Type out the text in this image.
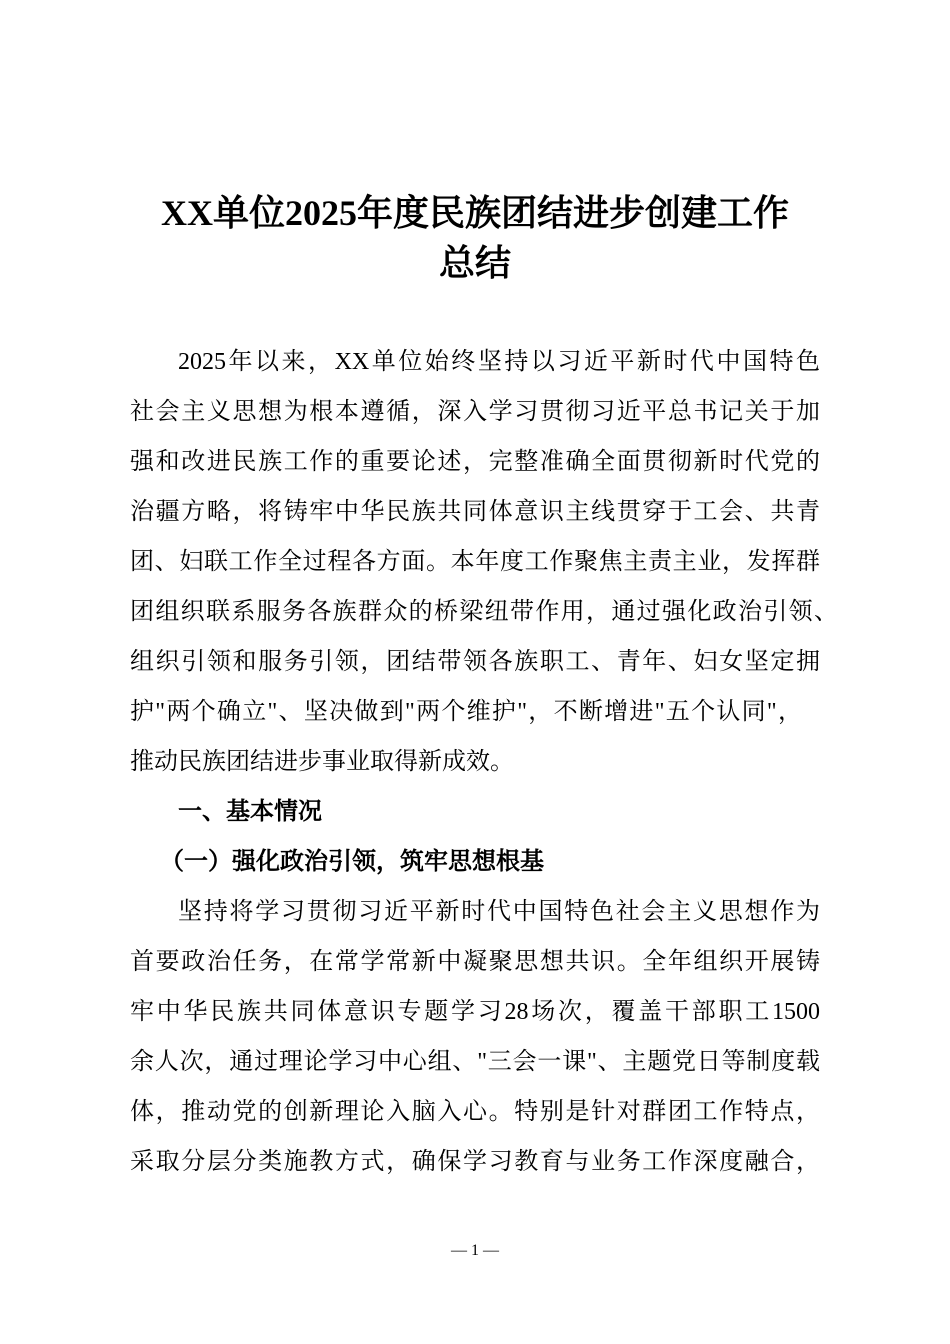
XX单位2025年度民族团结进步创建工作
总结
2025年以来，XX单位始终坚持以习近平新时代中国特色
社会主义思想为根本遵循，深入学习贯彻习近平总书记关于加
强和改进民族工作的重要论述，完整准确全面贯彻新时代党的
治疆方略，将铸牢中华民族共同体意识主线贯穿于工会、共青
团、妇联工作全过程各方面。本年度工作聚焦主责主业，发挥群
团组织联系服务各族群众的桥梁纽带作用，通过强化政治引领、
组织引领和服务引领，团结带领各族职工、青年、妇女坚定拥
护"两个确立"、坚决做到"两个维护"，不断增进"五个认同"，
推动民族团结进步事业取得新成效。
一、基本情况
（一）强化政治引领，筑牢思想根基
坚持将学习贯彻习近平新时代中国特色社会主义思想作为
首要政治任务，在常学常新中凝聚思想共识。全年组织开展铸
牢中华民族共同体意识专题学习28场次，覆盖干部职工1500
余人次，通过理论学习中心组、"三会一课"、主题党日等制度载
体，推动党的创新理论入脑入心。特别是针对群团工作特点，
采取分层分类施教方式，确保学习教育与业务工作深度融合，
— 1 —
